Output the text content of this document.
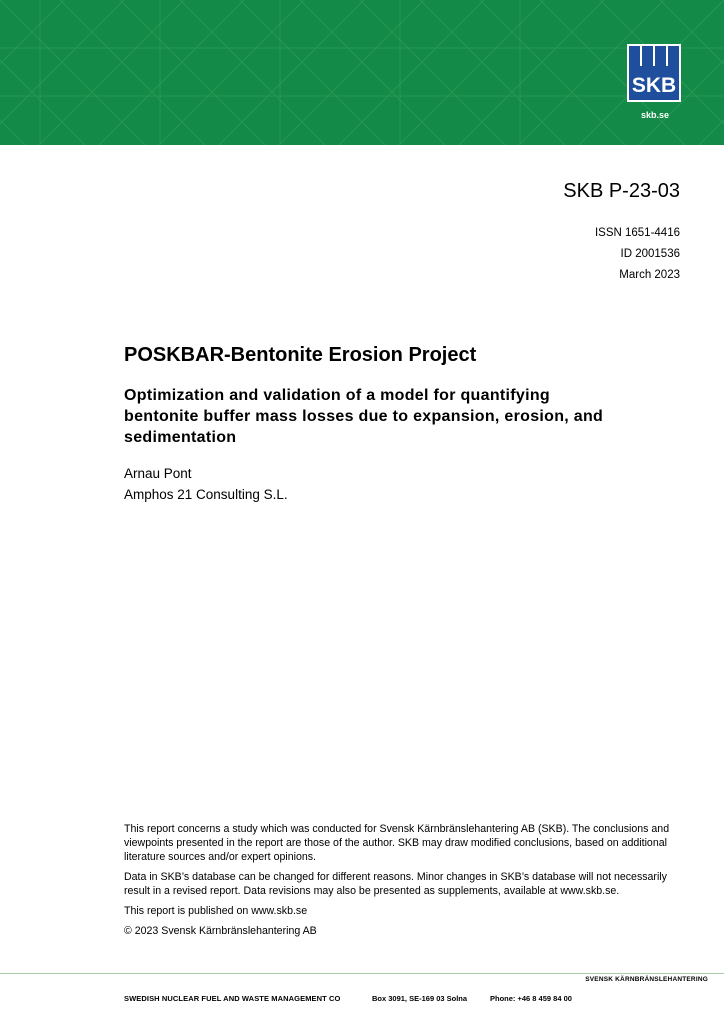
SKB
skb.se
SKB P-23-03
ISSN 1651-4416
ID 2001536
March 2023
POSKBAR-Bentonite Erosion Project
Optimization and validation of a model for quantifying bentonite buffer mass losses due to expansion, erosion, and sedimentation
Arnau Pont
Amphos 21 Consulting S.L.

This report concerns a study which was conducted for Svensk Kärnbränslehantering AB (SKB). The conclusions and viewpoints presented in the report are those of the author. SKB may draw modified conclusions, based on additional literature sources and/or expert opinions.

Data in SKB’s database can be changed for different reasons. Minor changes in SKB’s database will not necessarily result in a revised report. Data revisions may also be presented as supplements, available at www.skb.se.

This report is published on www.skb.se

© 2023 Svensk Kärnbränslehantering AB

SVENSK KÄRNBRÄNSLEHANTERING
SWEDISH NUCLEAR FUEL AND WASTE MANAGEMENT CO	Box 3091, SE-169 03 Solna	Phone: +46 8 459 84 00
